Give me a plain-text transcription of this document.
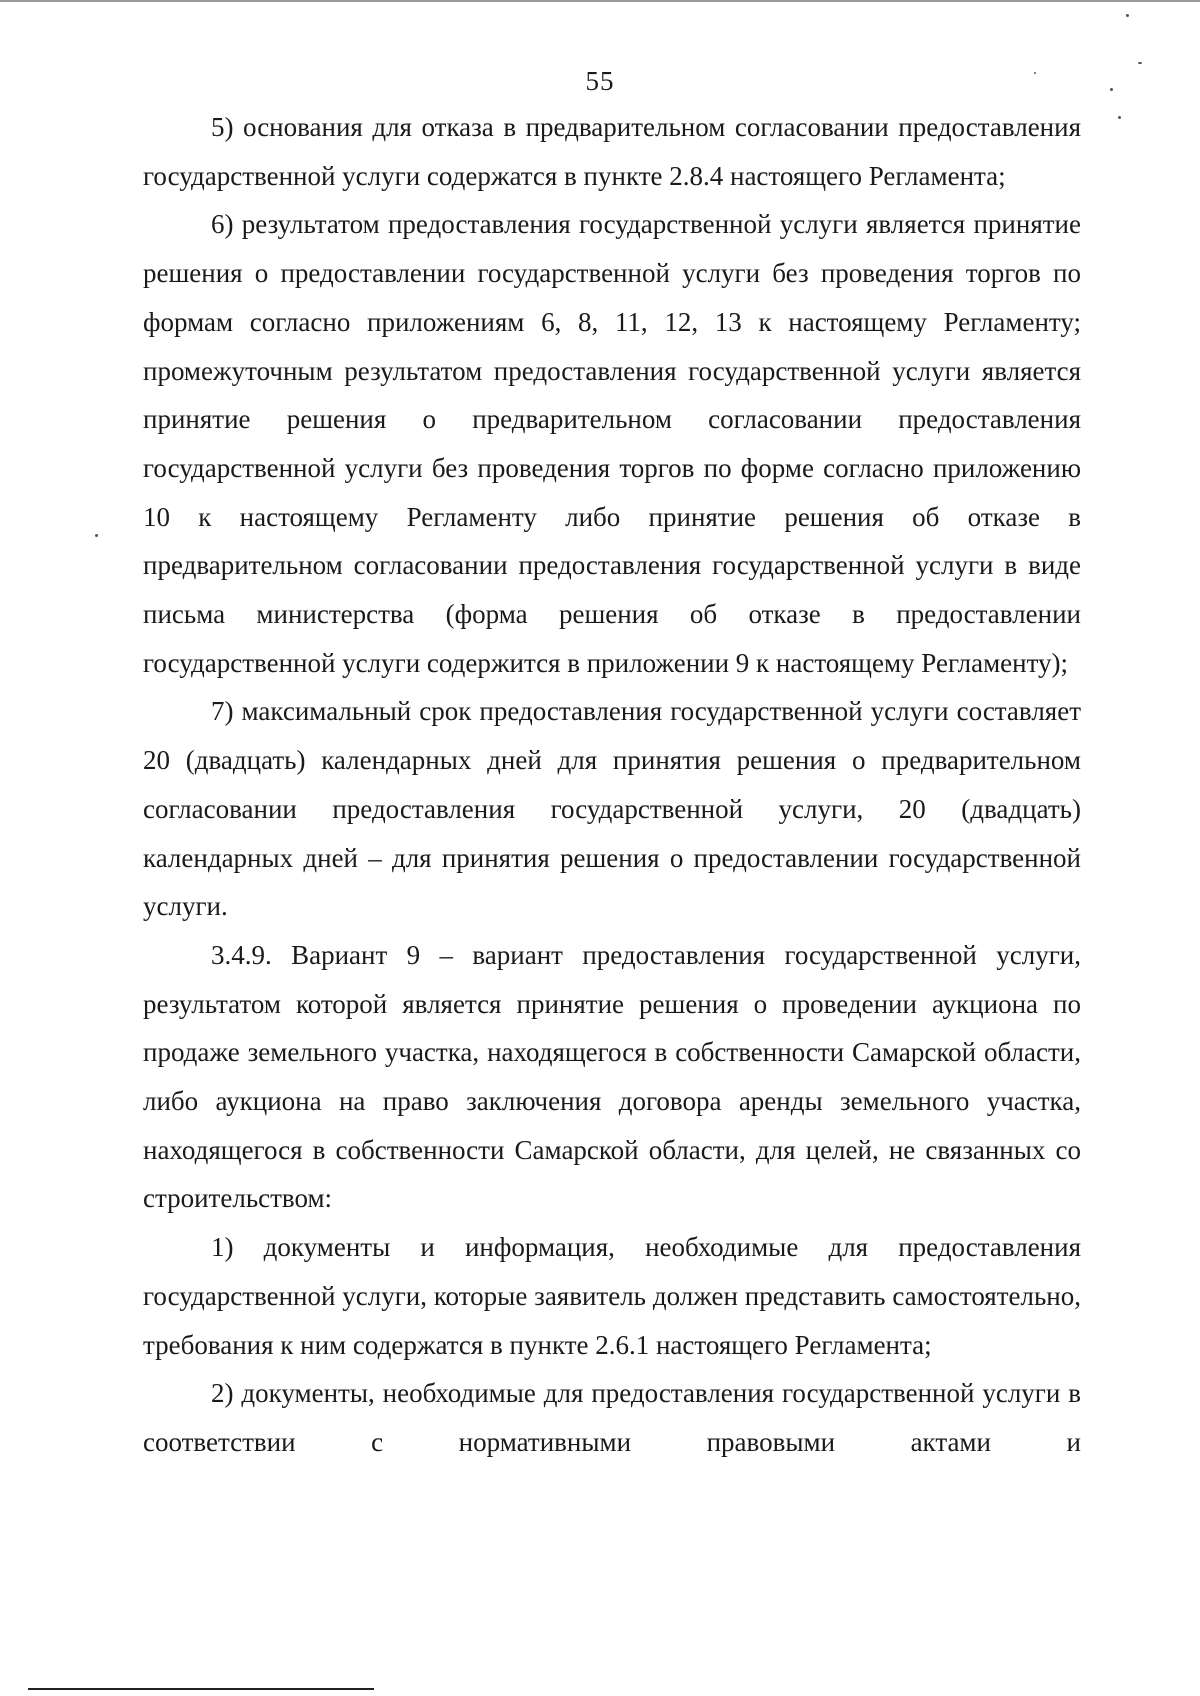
55

5) основания для отказа в предварительном согласовании предоставления государственной услуги содержатся в пункте 2.8.4 настоящего Регламента;

6) результатом предоставления государственной услуги является принятие решения о предоставлении государственной услуги без проведения торгов по формам согласно приложениям 6, 8, 11, 12, 13 к настоящему Регламенту; промежуточным результатом предоставления государственной услуги является принятие решения о предварительном согласовании предоставления государственной услуги без проведения торгов по форме согласно приложению 10 к настоящему Регламенту либо принятие решения об отказе в предварительном согласовании предоставления государственной услуги в виде письма министерства (форма решения об отказе в предоставлении государственной услуги содержится в приложении 9 к настоящему Регламенту);

7) максимальный срок предоставления государственной услуги составляет 20 (двадцать) календарных дней для принятия решения о предварительном согласовании предоставления государственной услуги, 20 (двадцать) календарных дней – для принятия решения о предоставлении государственной услуги.

3.4.9. Вариант 9 – вариант предоставления государственной услуги, результатом которой является принятие решения о проведении аукциона по продаже земельного участка, находящегося в собственности Самарской области, либо аукциона на право заключения договора аренды земельного участка, находящегося в собственности Самарской области, для целей, не связанных со строительством:

1) документы и информация, необходимые для предоставления государственной услуги, которые заявитель должен представить самостоятельно, требования к ним содержатся в пункте 2.6.1 настоящего Регламента;

2) документы, необходимые для предоставления государственной услуги в соответствии с нормативными правовыми актами и
